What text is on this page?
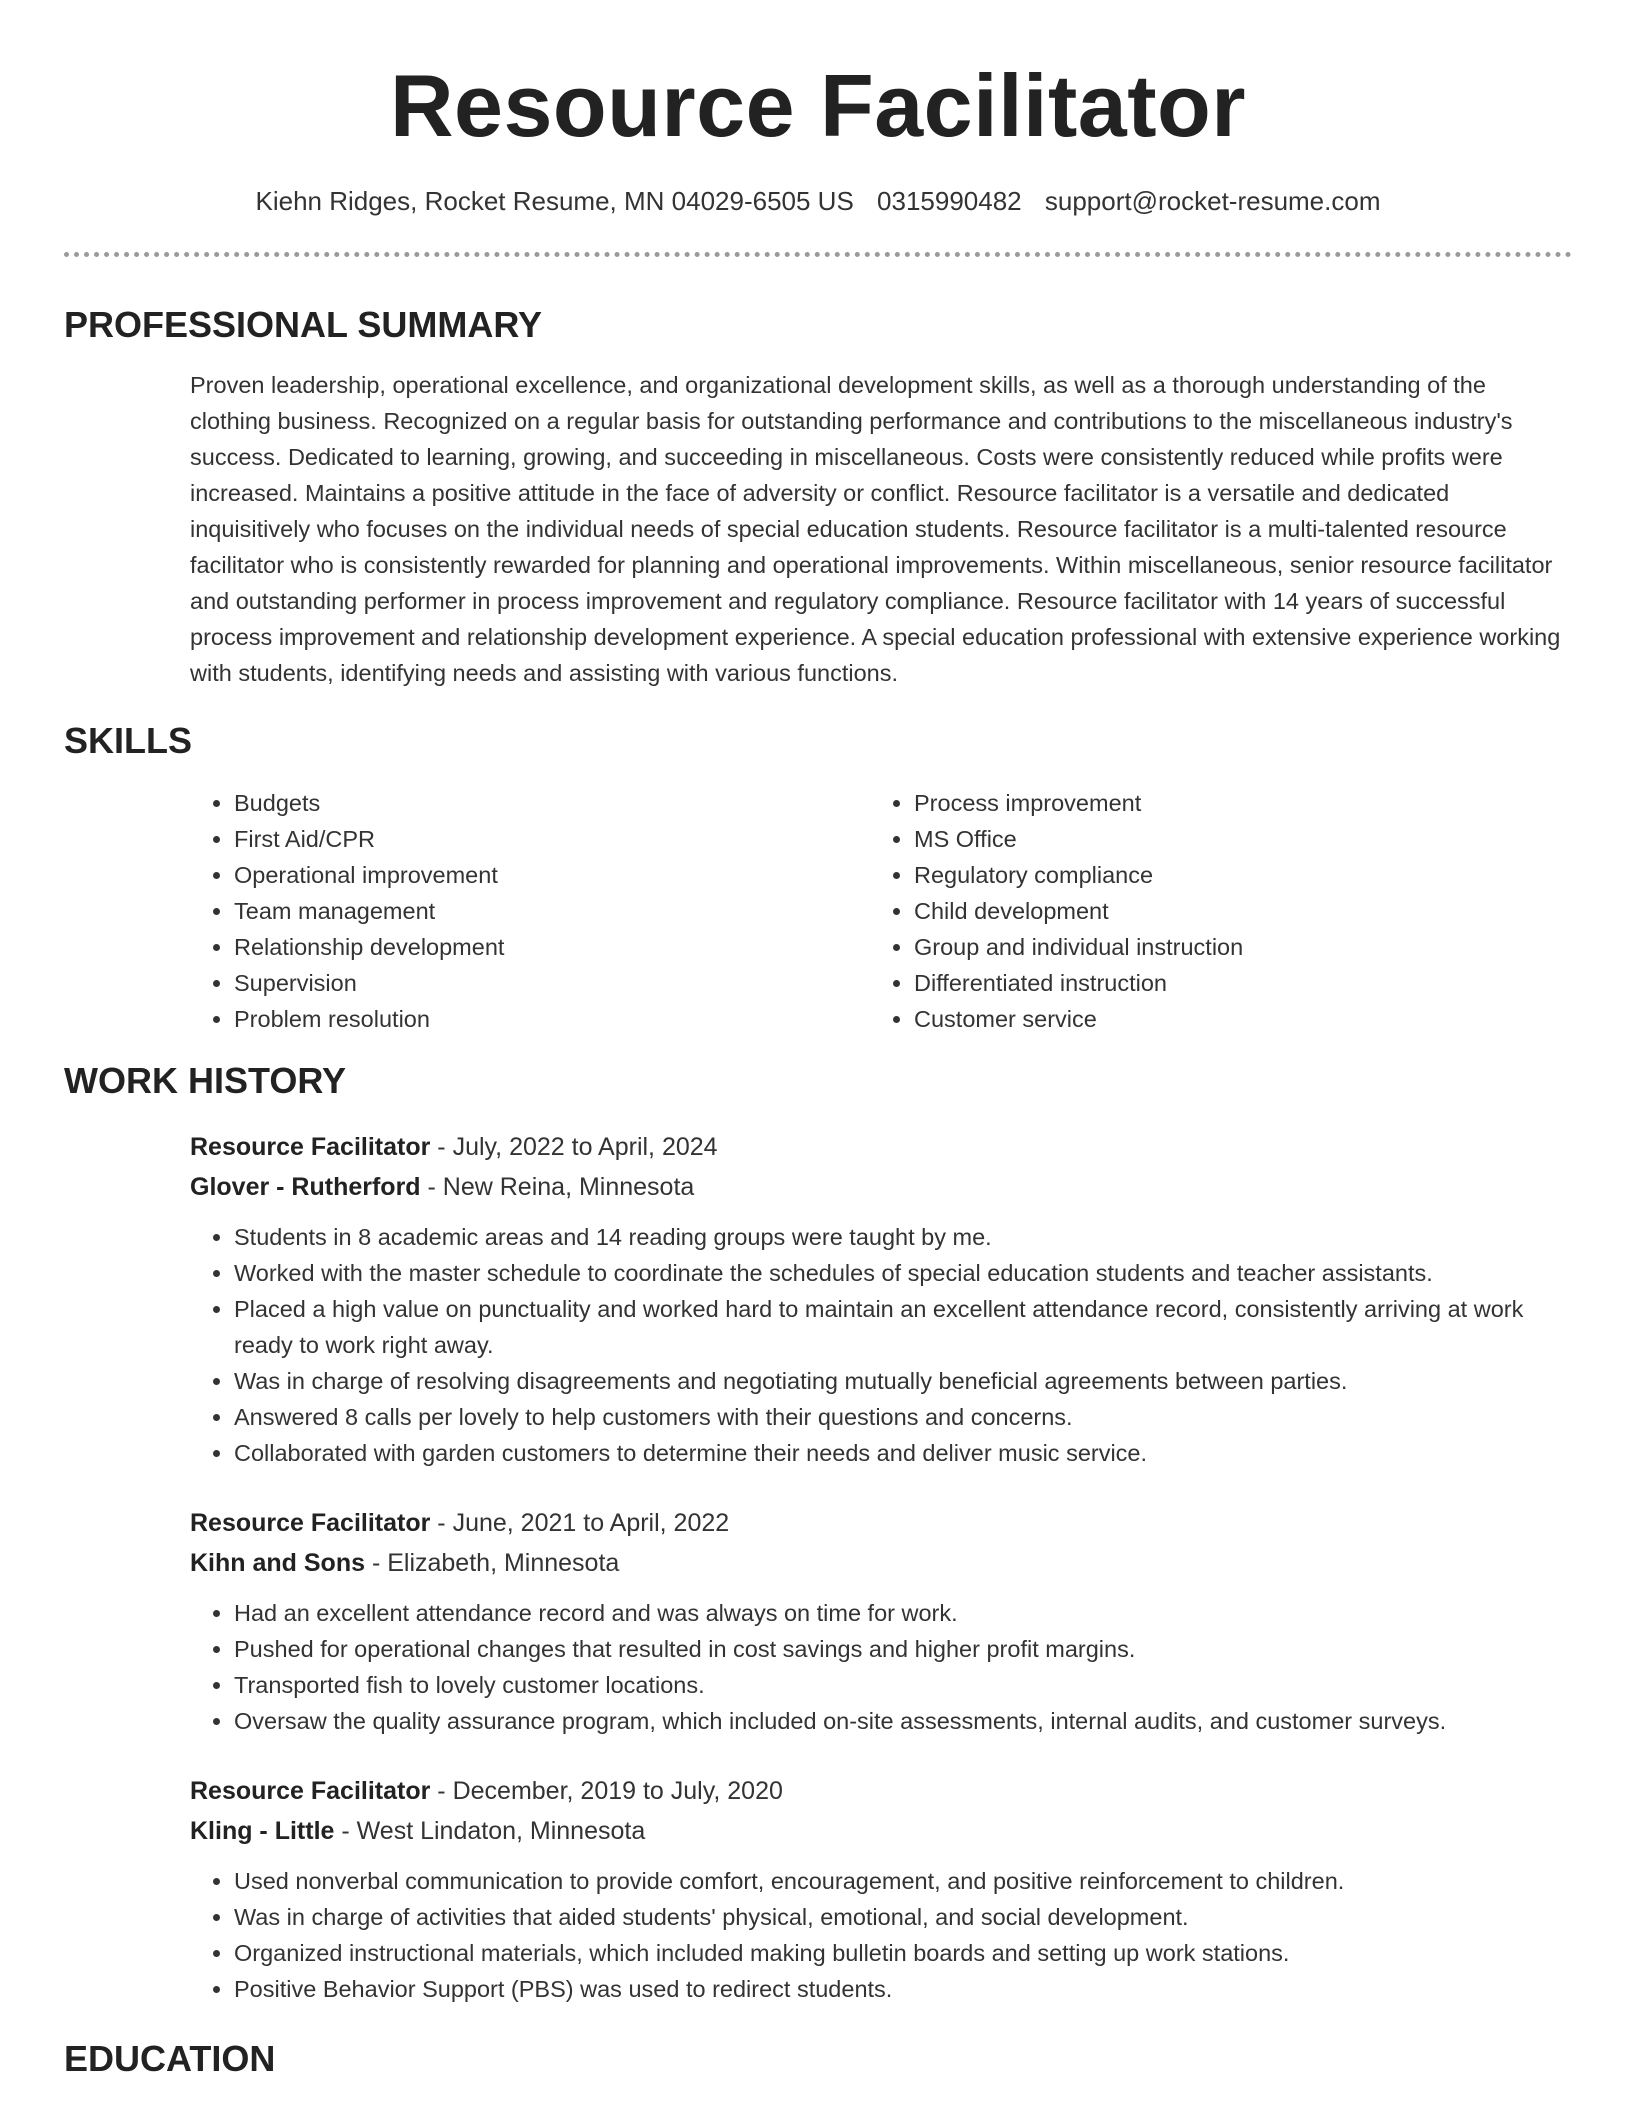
Resource Facilitator
Kiehn Ridges, Rocket Resume, MN 04029-6505 US 0315990482 support@rocket-resume.com
PROFESSIONAL SUMMARY

Proven leadership, operational excellence, and organizational development skills, as well as a thorough understanding of the clothing business. Recognized on a regular basis for outstanding performance and contributions to the miscellaneous industry's success. Dedicated to learning, growing, and succeeding in miscellaneous. Costs were consistently reduced while profits were increased. Maintains a positive attitude in the face of adversity or conflict. Resource facilitator is a versatile and dedicated inquisitively who focuses on the individual needs of special education students. Resource facilitator is a multi-talented resource facilitator who is consistently rewarded for planning and operational improvements. Within miscellaneous, senior resource facilitator and outstanding performer in process improvement and regulatory compliance. Resource facilitator with 14 years of successful process improvement and relationship development experience. A special education professional with extensive experience working with students, identifying needs and assisting with various functions.

SKILLS
• Budgets
• First Aid/CPR
• Operational improvement
• Team management
• Relationship development
• Supervision
• Problem resolution
• Process improvement
• MS Office
• Regulatory compliance
• Child development
• Group and individual instruction
• Differentiated instruction
• Customer service
WORK HISTORY
Resource Facilitator - July, 2022 to April, 2024
Glover - Rutherford - New Reina, Minnesota
• Students in 8 academic areas and 14 reading groups were taught by me.
• Worked with the master schedule to coordinate the schedules of special education students and teacher assistants.
• Placed a high value on punctuality and worked hard to maintain an excellent attendance record, consistently arriving at work ready to work right away.
• Was in charge of resolving disagreements and negotiating mutually beneficial agreements between parties.
• Answered 8 calls per lovely to help customers with their questions and concerns.
• Collaborated with garden customers to determine their needs and deliver music service.
Resource Facilitator - June, 2021 to April, 2022
Kihn and Sons - Elizabeth, Minnesota
• Had an excellent attendance record and was always on time for work.
• Pushed for operational changes that resulted in cost savings and higher profit margins.
• Transported fish to lovely customer locations.
• Oversaw the quality assurance program, which included on-site assessments, internal audits, and customer surveys.
Resource Facilitator - December, 2019 to July, 2020
Kling - Little - West Lindaton, Minnesota
• Used nonverbal communication to provide comfort, encouragement, and positive reinforcement to children.
• Was in charge of activities that aided students' physical, emotional, and social development.
• Organized instructional materials, which included making bulletin boards and setting up work stations.
• Positive Behavior Support (PBS) was used to redirect students.
EDUCATION
